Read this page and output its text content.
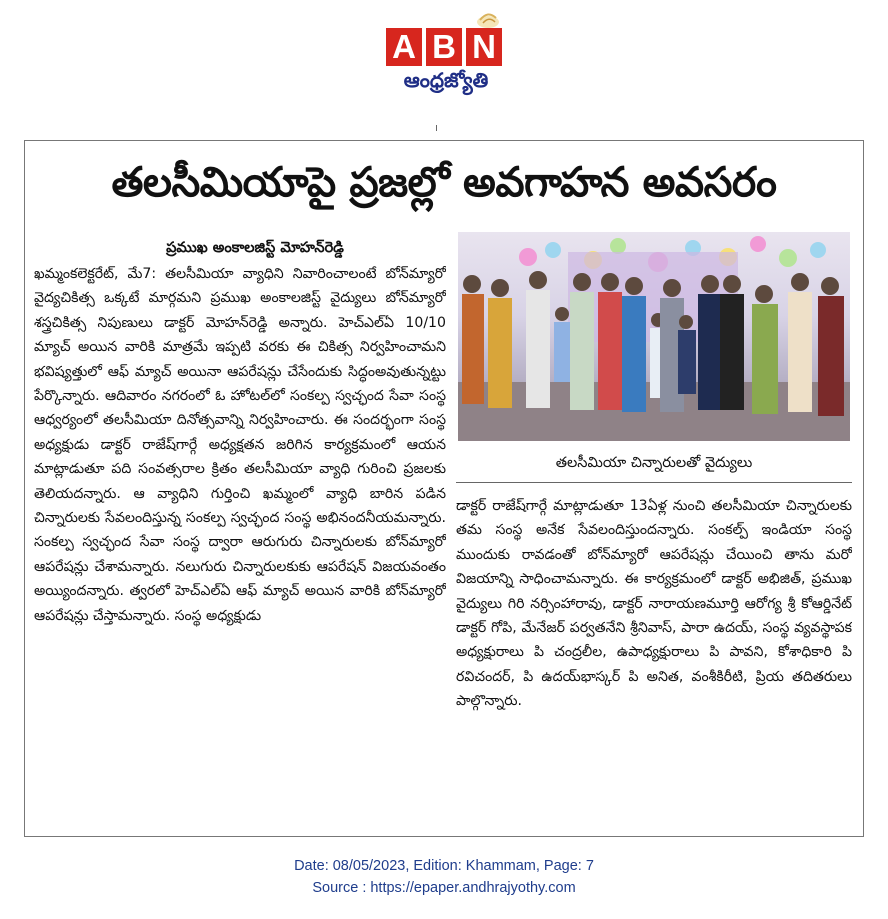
A B N
ఆంధ్రజ్యోతి
తలసీమియాపై ప్రజల్లో అవగాహన అవసరం
ప్రముఖ అంకాలజిస్ట్ మోహన్‌రెడ్డి
ఖమ్మంకలెక్టరేట్, మే7: తలసీమియా వ్యాధిని నివారించాలంటే బోన్‌మ్యారో వైద్యచికిత్స ఒక్కటే మార్గమని ప్రముఖ అంకాలజిస్ట్ వైద్యులు బోన్‌మ్యారో శస్త్రచికిత్స నిపుణులు డాక్టర్ మోహన్‌రెడ్డి అన్నారు. హెచ్ఎల్ఏ 10/10 మ్యాచ్ అయిన వారికి మాత్రమే ఇప్పటి వరకు ఈ చికిత్స నిర్వహించామని భవిష్యత్తులో ఆఫ్ మ్యాచ్ అయినా ఆపరేషన్లు చేసేందుకు సిద్ధంఅవుతున్నట్టు పేర్కొన్నారు. ఆదివారం నగరంలో ఓ హోటల్‌లో సంకల్ప స్వచ్ఛంద సేవా సంస్థ ఆధ్వర్యంలో తలసీమియా దినోత్సవాన్ని నిర్వహించారు. ఈ సందర్భంగా సంస్థ అధ్యక్షుడు డాక్టర్ రాజేష్‌గార్గే అధ్యక్షతన జరిగిన కార్యక్రమంలో ఆయన మాట్లాడుతూ పది సంవత్సరాల క్రితం తలసీమియా వ్యాధి గురించి ప్రజలకు తెలియదన్నారు. ఆ వ్యాధిని గుర్తించి ఖమ్మంలో వ్యాధి బారిన పడిన చిన్నారులకు సేవలందిస్తున్న సంకల్ప స్వచ్ఛంద సంస్థ అభినందనీయమన్నారు. సంకల్ప స్వచ్ఛంద సేవా సంస్థ ద్వారా ఆరుగురు చిన్నారులకు బోన్‌మ్యారో ఆపరేషన్లు చేశామన్నారు. నలుగురు చిన్నారులకుకు ఆపరేషన్ విజయవంతం అయ్యిందన్నారు. త్వరలో హెచ్ఎల్ఏ ఆఫ్ మ్యాచ్ అయిన వారికి బోన్‌మ్యారో ఆపరేషన్లు చేస్తామన్నారు. సంస్థ అధ్యక్షుడు
తలసీమియా చిన్నారులతో వైద్యులు
డాక్టర్ రాజేష్‌గార్గే మాట్లాడుతూ 13ఏళ్ల నుంచి తలసీమియా చిన్నారులకు తమ సంస్థ అనేక సేవలందిస్తుందన్నారు. సంకల్ప్ ఇండియా సంస్థ ముందుకు రావడంతో బోన్‌మ్యారో ఆపరేషన్లు చేయించి తాను మరో విజయాన్ని సాధించామన్నారు. ఈ కార్యక్రమంలో డాక్టర్ అభిజిత్, ప్రముఖ వైద్యులు గిరి నర్సింహారావు, డాక్టర్ నారాయణమూర్తి ఆరోగ్య శ్రీ కోఆర్డినేట్ డాక్టర్ గోపి, మేనేజర్ పర్వతనేని శ్రీనివాస్, పారా ఉదయ్, సంస్థ వ్యవస్థాపక అధ్యక్షురాలు పి చంద్రలీల, ఉపాధ్యక్షురాలు పి పావని, కోశాధికారి పి రవిచందర్, పి ఉదయ్‌భాస్కర్ పి అనిత, వంశీకిరీటి, ప్రియ తదితరులు పాల్గొన్నారు.
Date: 08/05/2023, Edition: Khammam, Page: 7
Source : https://epaper.andhrajyothy.com
